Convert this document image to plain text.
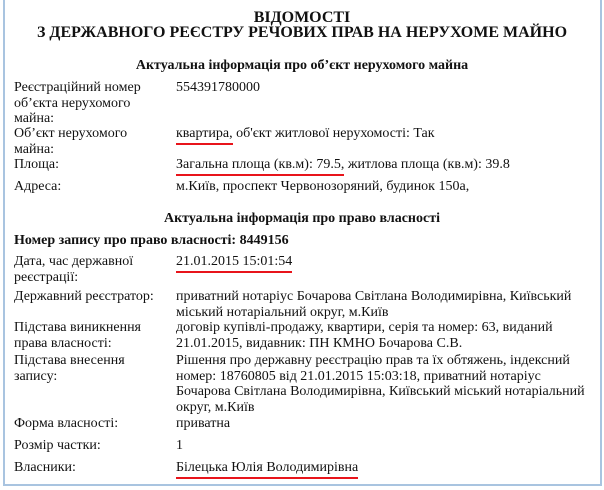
ВІДОМОСТІ
З ДЕРЖАВНОГО РЕЄСТРУ РЕЧОВИХ ПРАВ НА НЕРУХОМЕ МАЙНО
Актуальна інформація про об’єкт нерухомого майна
Реєстраційний номер об’єкта нерухомого майна:
554391780000
Об’єкт нерухомого майна:
квартира, об'єкт житлової нерухомості: Так
Площа:	Загальна площа (кв.м): 79.5, житлова площа (кв.м): 39.8
Адреса:	м.Київ, проспект Червонозоряний, будинок 150а,
Актуальна інформація про право власності
Номер запису про право власності: 8449156
Дата, час державної реєстрації:
21.01.2015 15:01:54
Державний реєстратор:	приватний нотаріус Бочарова Світлана Володимирівна, Київський міський нотаріальний округ, м.Київ
Підстава виникнення права власності:
договір купівлі-продажу, квартири, серія та номер: 63, виданий 21.01.2015, видавник: ПН КМНО Бочарова С.В.
Підстава внесення запису:
Рішення про державну реєстрацію прав та їх обтяжень, індексний номер: 18760805 від 21.01.2015 15:03:18, приватний нотаріус Бочарова Світлана Володимирівна, Київський міський нотаріальний округ, м.Київ
Форма власності:	приватна
Розмір частки:	1
Власники:	Білецька Юлія Володимирівна
